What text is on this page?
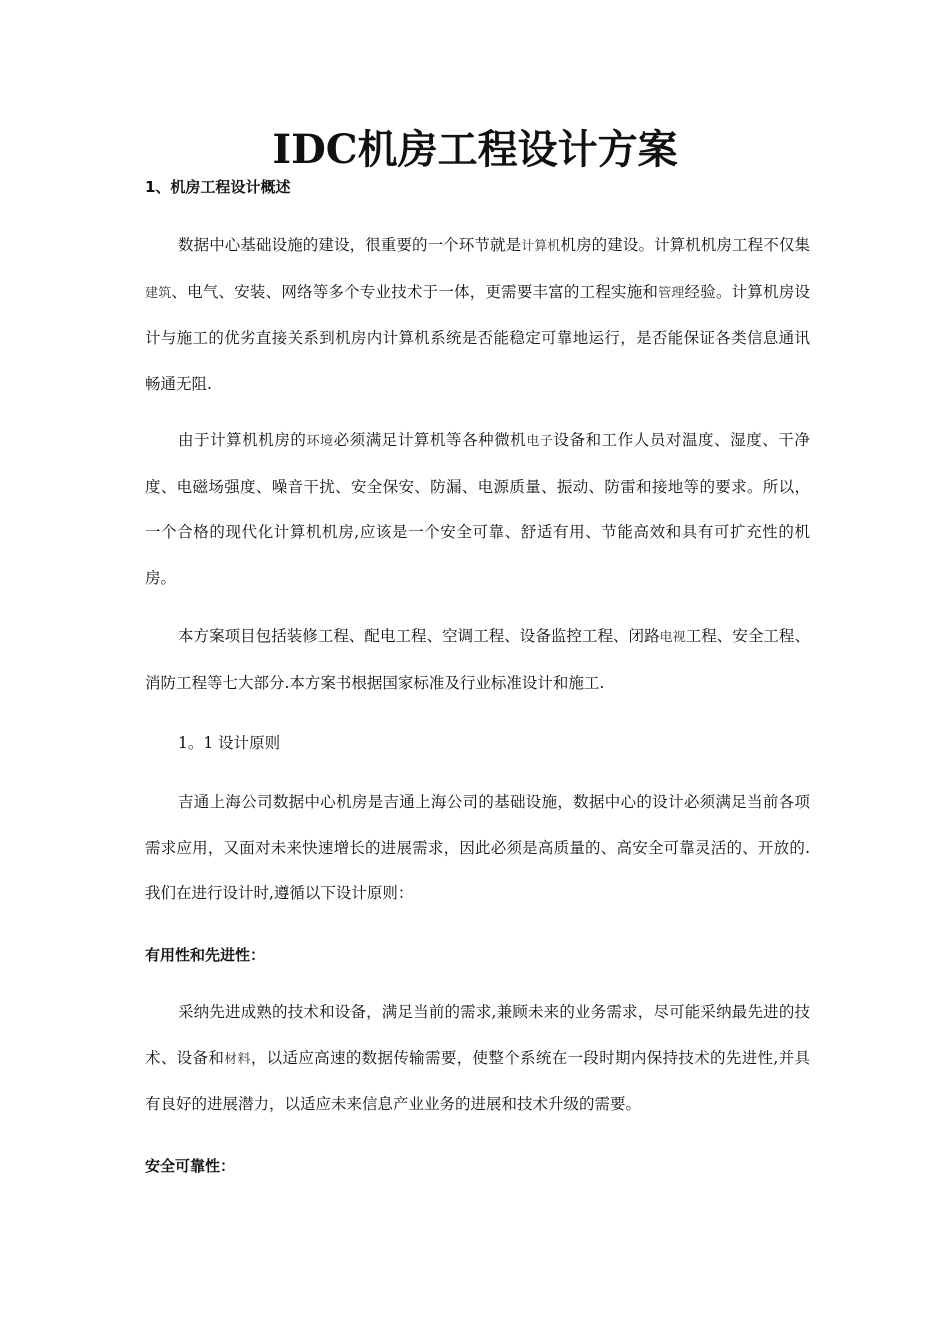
IDC机房工程设计方案
1、机房工程设计概述

数据中心基础设施的建设，很重要的一个环节就是计算机机房的建设。计算机机房工程不仅集建筑、电气、安装、网络等多个专业技术于一体，更需要丰富的工程实施和管理经验。计算机房设计与施工的优劣直接关系到机房内计算机系统是否能稳定可靠地运行，是否能保证各类信息通讯畅通无阻.

由于计算机机房的环境必须满足计算机等各种微机电子设备和工作人员对温度、湿度、干净度、电磁场强度、噪音干扰、安全保安、防漏、电源质量、振动、防雷和接地等的要求。所以，一个合格的现代化计算机机房,应该是一个安全可靠、舒适有用、节能高效和具有可扩充性的机房。

本方案项目包括装修工程、配电工程、空调工程、设备监控工程、闭路电视工程、安全工程、消防工程等七大部分.本方案书根据国家标准及行业标准设计和施工.

1。1 设计原则

吉通上海公司数据中心机房是吉通上海公司的基础设施，数据中心的设计必须满足当前各项需求应用，又面对未来快速增长的进展需求，因此必须是高质量的、高安全可靠灵活的、开放的.我们在进行设计时,遵循以下设计原则：

有用性和先进性：

采纳先进成熟的技术和设备，满足当前的需求,兼顾未来的业务需求，尽可能采纳最先进的技术、设备和材料，以适应高速的数据传输需要，使整个系统在一段时期内保持技术的先进性,并具有良好的进展潜力，以适应未来信息产业业务的进展和技术升级的需要。

安全可靠性：
